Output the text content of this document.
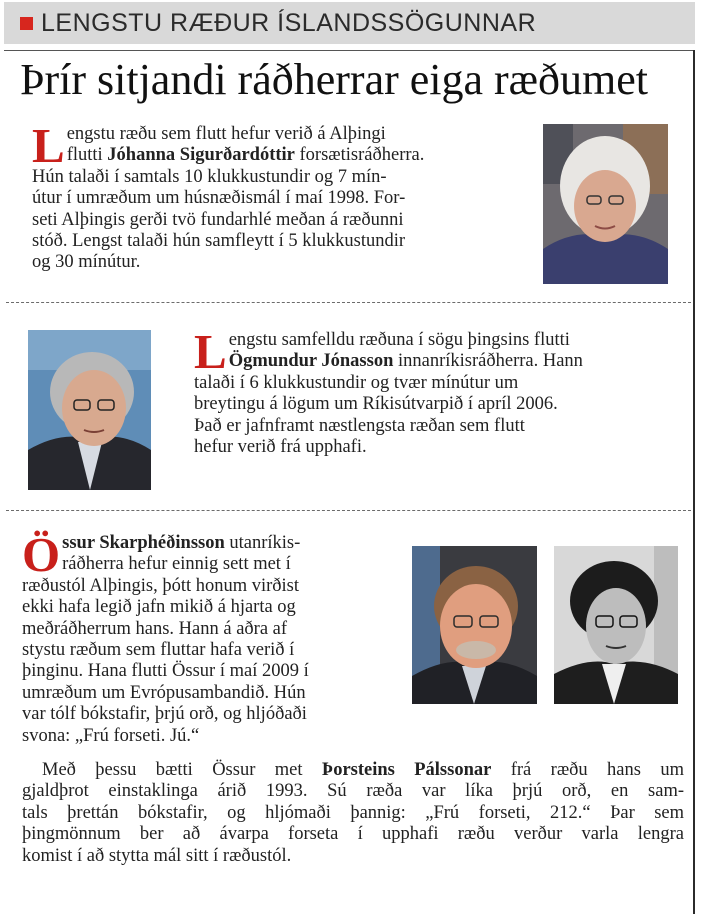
LENGSTU RÆÐUR ÍSLANDSSÖGUNNAR
Þrír sitjandi ráðherrar eiga ræðumet
L engstu ræðu sem flutt hefur verið á Alþingi
flutti Jóhanna Sigurðardóttir forsætisráðherra.
Hún talaði í samtals 10 klukkustundir og 7 mín-
útur í umræðum um húsnæðismál í maí 1998. For-
seti Alþingis gerði tvö fundarhlé meðan á ræðunni
stóð. Lengst talaði hún samfleytt í 5 klukkustundir
og 30 mínútur.
L engstu samfelldu ræðuna í sögu þingsins flutti
Ögmundur Jónasson innanríkisráðherra. Hann
talaði í 6 klukkustundir og tvær mínútur um
breytingu á lögum um Ríkisútvarpið í apríl 2006.
Það er jafnframt næstlengsta ræðan sem flutt
hefur verið frá upphafi.
Ö ssur Skarphéðinsson utanríkis-
ráðherra hefur einnig sett met í
ræðustól Alþingis, þótt honum virðist
ekki hafa legið jafn mikið á hjarta og
meðráðherrum hans. Hann á aðra af
stystu ræðum sem fluttar hafa verið í
þinginu. Hana flutti Össur í maí 2009 í
umræðum um Evrópusambandið. Hún
var tólf bókstafir, þrjú orð, og hljóðaði
svona: „Frú forseti. Jú.“
Með þessu bætti Össur met Þorsteins Pálssonar frá ræðu hans um
gjaldþrot einstaklinga árið 1993. Sú ræða var líka þrjú orð, en sam-
tals þrettán bókstafir, og hljómaði þannig: „Frú forseti, 212.“ Þar sem
þingmönnum ber að ávarpa forseta í upphafi ræðu verður varla lengra
komist í að stytta mál sitt í ræðustól.
